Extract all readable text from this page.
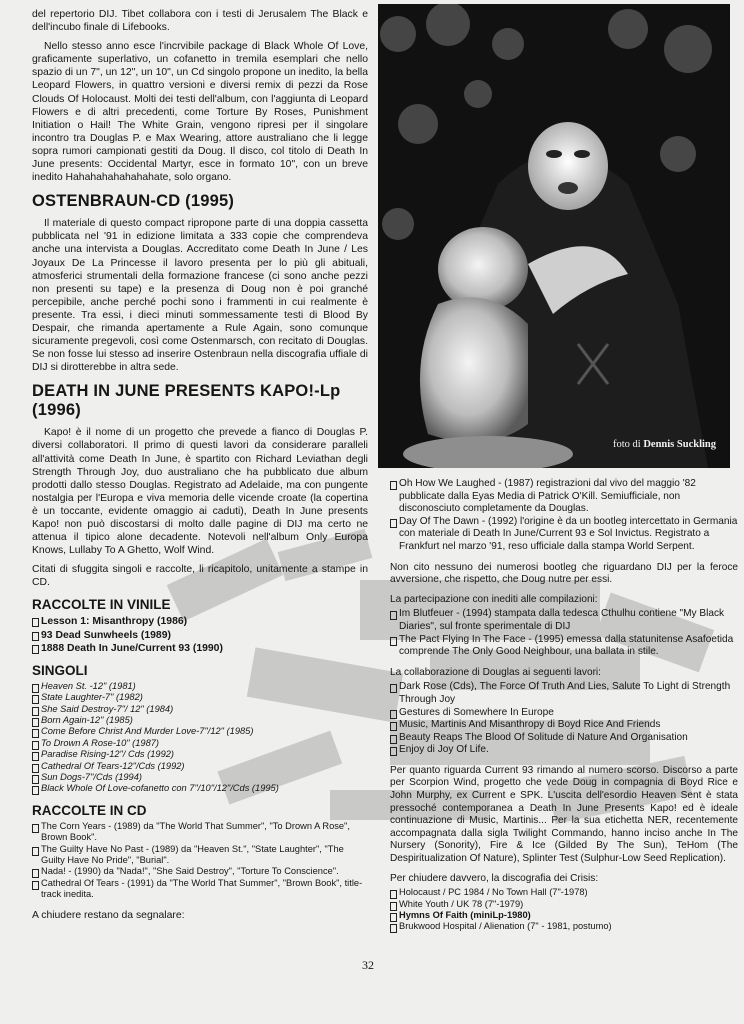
del repertorio DIJ. Tibet collabora con i testi di Jerusalem The Black e dell'incubo finale di Lifebooks.

Nello stesso anno esce l'incrvibile package di Black Whole Of Love, graficamente superlativo, un cofanetto in tremila esemplari che nello spazio di un 7", un 12", un 10", un Cd singolo propone un inedito, la bella Leopard Flowers, in quattro versioni e diversi remix di pezzi da Rose Clouds Of Holocaust. Molti dei testi dell'album, con l'aggiunta di Leopard Flowers e di altri precedenti, come Torture By Roses, Punishment Initiation o Hail! The White Grain, vengono ripresi per il singolare incontro tra Douglas P. e Max Wearing, attore australiano che li legge sopra rumori campionati gestiti da Doug. Il disco, col titolo di Death In June presents: Occidental Martyr, esce in formato 10", con un breve inedito Hahahahahahahahate, solo organo.

OSTENBRAUN-CD (1995)

Il materiale di questo compact ripropone parte di una doppia cassetta pubblicata nel '91 in edizione limitata a 333 copie che comprendeva anche una intervista a Douglas. Accreditato come Death In June / Les Joyaux De La Princesse il lavoro presenta per lo più gli abituali, atmosferici strumentali della formazione francese (ci sono anche pezzi non presenti su tape) e la presenza di Doug non è poi granché percepibile, anche perché pochi sono i frammenti in cui realmente è presente. Tra essi, i dieci minuti sommessamente testi di Blood By Despair, che rimanda apertamente a Rule Again, sono comunque sicuramente pregevoli, così come Ostenmarsch, con recitato di Douglas. Se non fosse lui stesso ad inserire Ostenbraun nella discografia uffiale di DIJ si dirotterebbe in altra sede.

DEATH IN JUNE PRESENTS KAPO!-Lp (1996)

Kapo! è il nome di un progetto che prevede a fianco di Douglas P. diversi collaboratori. Il primo di questi lavori da considerare paralleli all'attività come Death In June, è spartito con Richard Leviathan degli Strength Through Joy, duo australiano che ha pubblicato due album prodotti dallo stesso Douglas. Registrato ad Adelaide, ma con pungente nostalgia per l'Europa e viva memoria delle vicende croate (la copertina è un toccante, evidente omaggio ai caduti), Death In June presents Kapo! non può discostarsi di molto dalle pagine di DIJ ma certo ne attenua il tipico alone decadente. Notevoli nell'album Only Europa Knows, Lullaby To A Ghetto, Wolf Wind.

Citati di sfuggita singoli e raccolte, li ricapitolo, unitamente a stampe in CD.

RACCOLTE IN VINILE
Lesson 1: Misanthropy (1986)
93 Dead Sunwheels (1989)
1888 Death In June/Current 93 (1990)
SINGOLI
Heaven St. -12" (1981)
State Laughter-7" (1982)
She Said Destroy-7"/ 12" (1984)
Born Again-12" (1985)
Come Before Christ And Murder Love-7"/12" (1985)
To Drown A Rose-10" (1987)
Paradise Rising-12"/ Cds (1992)
Cathedral Of Tears-12"/Cds (1992)
Sun Dogs-7"/Cds (1994)
Black Whole Of Love-cofanetto con 7"/10"/12"/Cds (1995)
RACCOLTE IN CD
The Corn Years - (1989) da "The World That Summer", "To Drown A Rose", Brown Book".
The Guilty Have No Past - (1989) da "Heaven St.", "State Laughter", "The Guilty Have No Pride", "Burial".
Nada! - (1990) da "Nada!", "She Said Destroy", "Torture To Conscience".
Cathedral Of Tears - (1991) da "The World That Summer", "Brown Book", title-track inedita.

A chiudere restano da segnalare:

foto di Dennis Suckling
Oh How We Laughed - (1987) registrazioni dal vivo del maggio '82 pubblicate dalla Eyas Media di Patrick O'Kill. Semiufficiale, non disconosciuto completamente da Douglas.
Day Of The Dawn - (1992) l'origine è da un bootleg intercettato in Germania con materiale di Death In June/Current 93 e Sol Invictus. Registrato a Frankfurt nel marzo '91, reso ufficiale dalla stampa World Serpent.

Non cito nessuno dei numerosi bootleg che riguardano DIJ per la feroce avversione, che rispetto, che Doug nutre per essi.

La partecipazione con inediti alle compilazioni:

Im Blutfeuer - (1994) stampata dalla tedesca Cthulhu contiene "My Black Diaries", sul fronte sperimentale di DIJ
The Pact Flying In The Face - (1995) emessa dalla statunitense Asafoetida comprende The Only Good Neighbour, una ballata in stile.

La collaborazione di Douglas ai seguenti lavori:

Dark Rose (Cds), The Force Of Truth And Lies, Salute To Light di Strength Through Joy
Gestures di Somewhere In Europe
Music, Martinis And Misanthropy di Boyd Rice And Friends
Beauty Reaps The Blood Of Solitude di Nature And Organisation
Enjoy di Joy Of Life.

Per quanto riguarda Current 93 rimando al numero scorso. Discorso a parte per Scorpion Wind, progetto che vede Doug in compagnia di Boyd Rice e John Murphy, ex Current e SPK. L'uscita dell'esordio Heaven Sent è stata pressoché contemporanea a Death In June Presents Kapo! ed è ideale continuazione di Music, Martinis... Per la sua etichetta NER, recentemente accompagnata dalla sigla Twilight Commando, hanno inciso anche In The Nursery (Sonority), Fire & Ice (Gilded By The Sun), TeHom (The Despiritualization Of Nature), Splinter Test (Sulphur-Low Seed Replication).

Per chiudere davvero, la discografia dei Crisis:

Holocaust / PC 1984 / No Town Hall (7"-1978)
White Youth / UK 78 (7"-1979)
Hymns Of Faith (miniLp-1980)
Brukwood Hospital / Alienation (7" - 1981, postumo)
32
